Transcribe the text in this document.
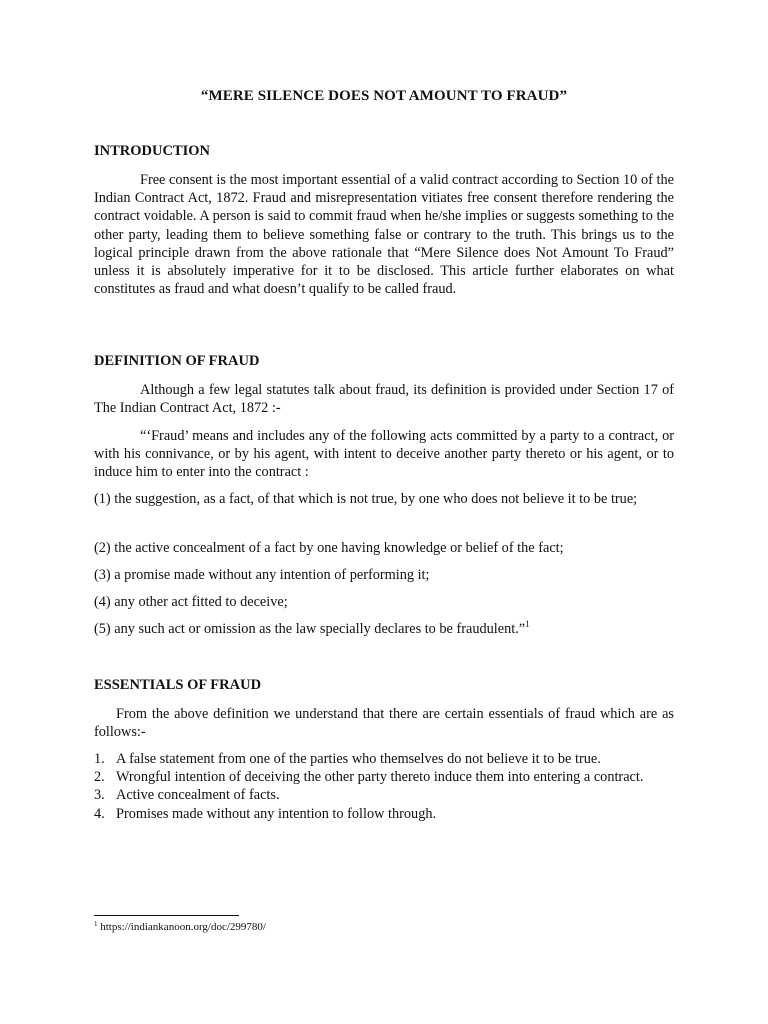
“MERE SILENCE DOES NOT AMOUNT TO FRAUD”
INTRODUCTION

Free consent is the most important essential of a valid contract according to Section 10 of the Indian Contract Act, 1872. Fraud and misrepresentation vitiates free consent therefore rendering the contract voidable. A person is said to commit fraud when he/she implies or suggests something to the other party, leading them to believe something false or contrary to the truth. This brings us to the logical principle drawn from the above rationale that “Mere Silence does Not Amount To Fraud” unless it is absolutely imperative for it to be disclosed. This article further elaborates on what constitutes as fraud and what doesn’t qualify to be called fraud.

DEFINITION OF FRAUD

Although a few legal statutes talk about fraud, its definition is provided under Section 17 of The Indian Contract Act, 1872 :-

“‘Fraud’ means and includes any of the following acts committed by a party to a contract, or with his connivance, or by his agent, with intent to deceive another party thereto or his agent, or to induce him to enter into the contract :

(1) the suggestion, as a fact, of that which is not true, by one who does not believe it to be true;

(2) the active concealment of a fact by one having knowledge or belief of the fact;

(3) a promise made without any intention of performing it;

(4) any other act fitted to deceive;

(5) any such act or omission as the law specially declares to be fraudulent.”$^1$

ESSENTIALS OF FRAUD

From the above definition we understand that there are certain essentials of fraud which are as follows:-

1. A false statement from one of the parties who themselves do not believe it to be true.
2. Wrongful intention of deceiving the other party thereto induce them into entering a contract.
3. Active concealment of facts.
4. Promises made without any intention to follow through.
$^1$ https://indiankanoon.org/doc/299780/
